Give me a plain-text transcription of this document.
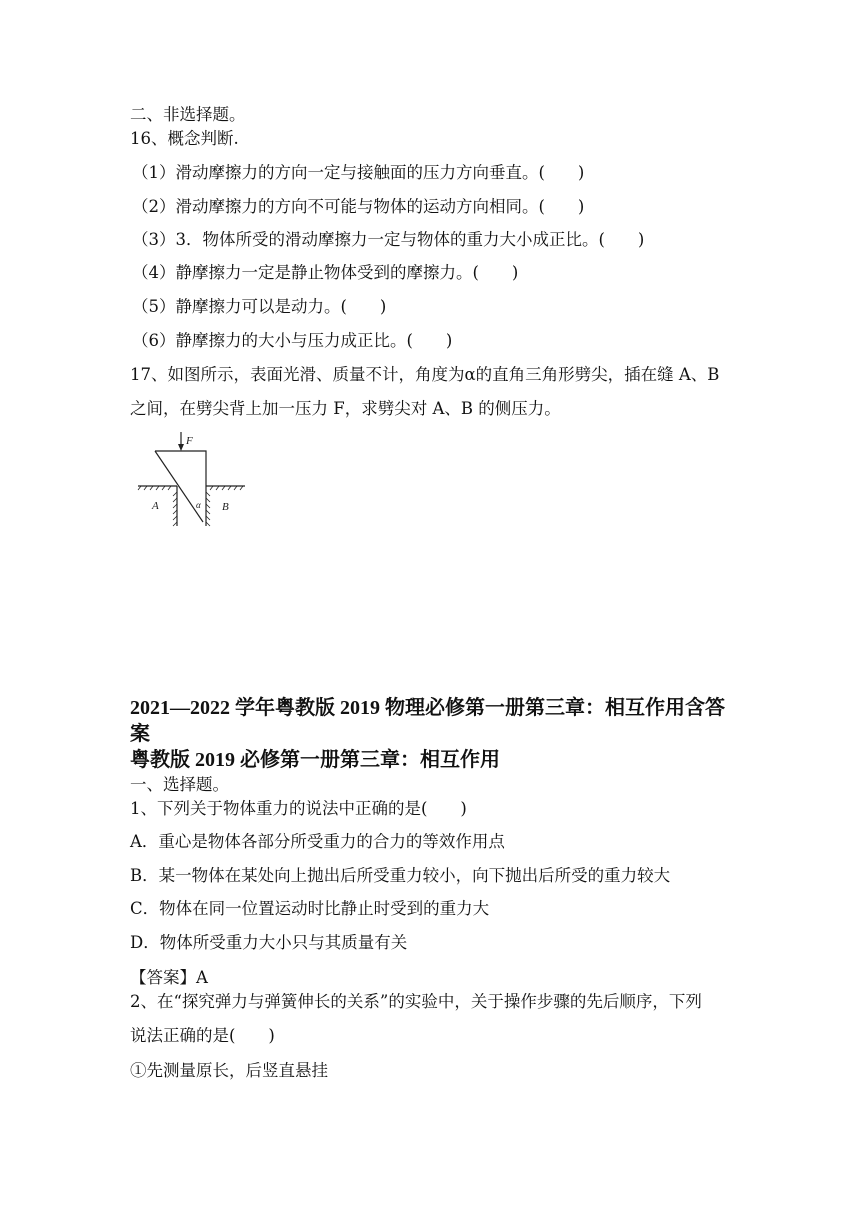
二、非选择题。
16、概念判断.
（1）滑动摩擦力的方向一定与接触面的压力方向垂直。(　　)
（2）滑动摩擦力的方向不可能与物体的运动方向相同。(　　)
（3）3．物体所受的滑动摩擦力一定与物体的重力大小成正比。(　　)
（4）静摩擦力一定是静止物体受到的摩擦力。(　　)
（5）静摩擦力可以是动力。(　　)
（6）静摩擦力的大小与压力成正比。(　　)
17、如图所示，表面光滑、质量不计，角度为α的直角三角形劈尖，插在缝 A、B
之间，在劈尖背上加一压力 F，求劈尖对 A、B 的侧压力。
F
A	B
α
2021—2022 学年粤教版 2019 物理必修第一册第三章：相互作用含答
案
粤教版 2019 必修第一册第三章：相互作用
一、选择题。
1、下列关于物体重力的说法中正确的是(　　)
A．重心是物体各部分所受重力的合力的等效作用点
B．某一物体在某处向上抛出后所受重力较小，向下抛出后所受的重力较大
C．物体在同一位置运动时比静止时受到的重力大
D．物体所受重力大小只与其质量有关
【答案】A
2、在“探究弹力与弹簧伸长的关系”的实验中，关于操作步骤的先后顺序，下列
说法正确的是(　　)
①先测量原长，后竖直悬挂
